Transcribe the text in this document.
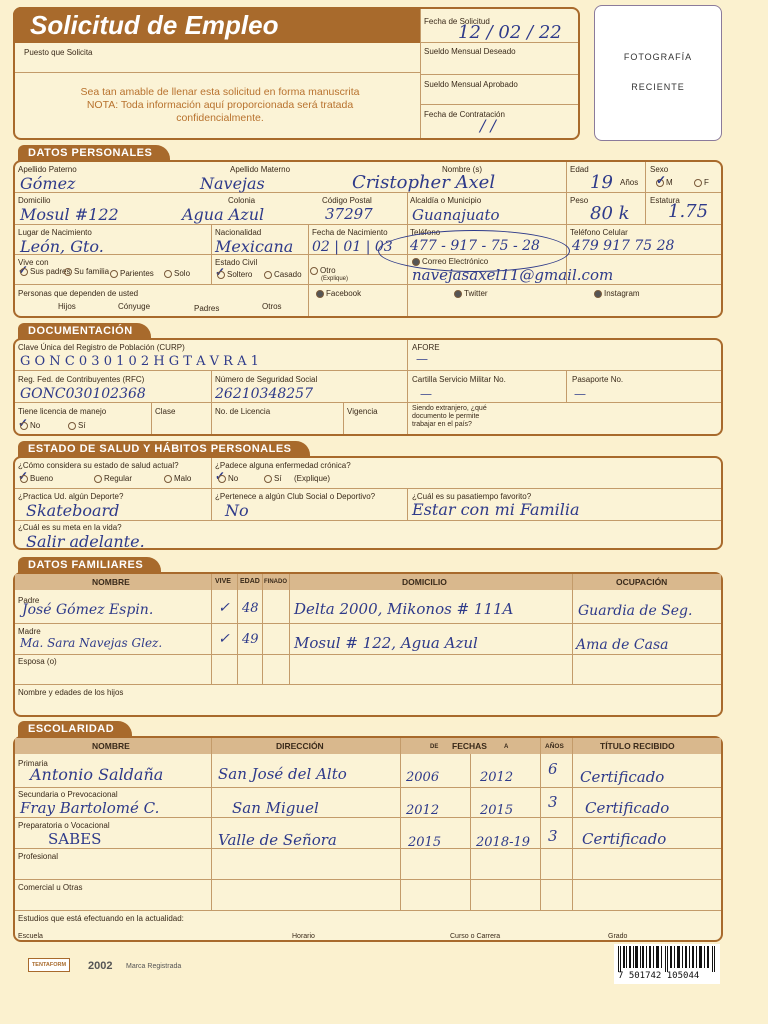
Solicitud de Empleo
Puesto que Solicita
Sea tan amable de llenar esta solicitud en forma manuscrita
NOTA: Toda información aquí proporcionada será tratada
confidencialmente.
Fecha de Solicitud
12 / 02 / 22
Sueldo Mensual Deseado
Sueldo Mensual Aprobado
Fecha de Contratación
/ /
FOTOGRAFÍA
RECIENTE
DATOS PERSONALES
Apellido Paterno
Gómez
Apellido Materno
Navejas
Nombre (s)
Cristopher Axel
Edad
19 Años
Sexo
M
✓	F
Domicilio
Mosul #122
Colonia
Agua Azul
Código Postal
37297
Alcaldía o Municipio
Guanajuato
Peso
80 k
Estatura
1.75
Lugar de Nacimiento
León, Gto.
Nacionalidad
Mexicana
Fecha de Nacimiento
02 | 01 | 03
Teléfono
477 - 917 - 75 - 28
Teléfono Celular
479 917 75 28
Vive con
✓ Sus padres Su familia	Parientes	Solo
Estado Civil
✓ Soltero	Casado	Otro
(Explique)
Correo Electrónico
navejasaxel11@gmail.com
Personas que dependen de usted
Hijos	Cónyuge	Padres	Otros
Facebook	Twitter	Instagram
DOCUMENTACIÓN
Clave Única del Registro de Población (CURP)
G O N C 0 3 0 1 0 2 H G T A V R A 1
AFORE
—
Reg. Fed. de Contribuyentes (RFC)
GONC030102368
Número de Seguridad Social
26210348257
Cartilla Servicio Militar No.
—
Pasaporte No.
—
Tiene licencia de manejo
✓ No	Sí
Clase	No. de Licencia	Vigencia	Siendo extranjero, ¿qué documento le permite trabajar en el país?
ESTADO DE SALUD Y HÁBITOS PERSONALES
¿Cómo considera su estado de salud actual?
✓ Bueno	Regular	Malo
¿Padece alguna enfermedad crónica?
✓ No	Sí (Explique)
¿Practica Ud. algún Deporte?
Skateboard
¿Pertenece a algún Club Social o Deportivo?
No
¿Cuál es su pasatiempo favorito?
Estar con mi Familia
¿Cuál es su meta en la vida?
Salir adelante.
DATOS FAMILIARES
NOMBRE	VIVE EDAD FINADO	DOMICILIO	OCUPACIÓN
Padre
José Gómez Espin.	✓ 48 Delta 2000, Mikonos # 111A	Guardia de Seg.
Madre
Ma. Sara Navejas Glez.	✓ 49 Mosul # 122, Agua Azul	Ama de Casa
Esposa (o)
Nombre y edades de los hijos
ESCOLARIDAD
NOMBRE	DIRECCIÓN	DE FECHAS	A	AÑOS	TÍTULO RECIBIDO
Primaria
Antonio Saldaña	San José del Alto	2006	2012 6 Certificado
Secundaria o Prevocacional
Fray Bartolomé C.	San Miguel	2012	2015 3 Certificado
Preparatoria o Vocacional
SABES	Valle de Señora	2015	2018-19 3 Certificado
Profesional
Comercial u Otras
Estudios que está efectuando en la actualidad:
Escuela	Horario	Curso o Carrera	Grado
TENTAFORM	2002 Marca Registrada
7 501742 105044
